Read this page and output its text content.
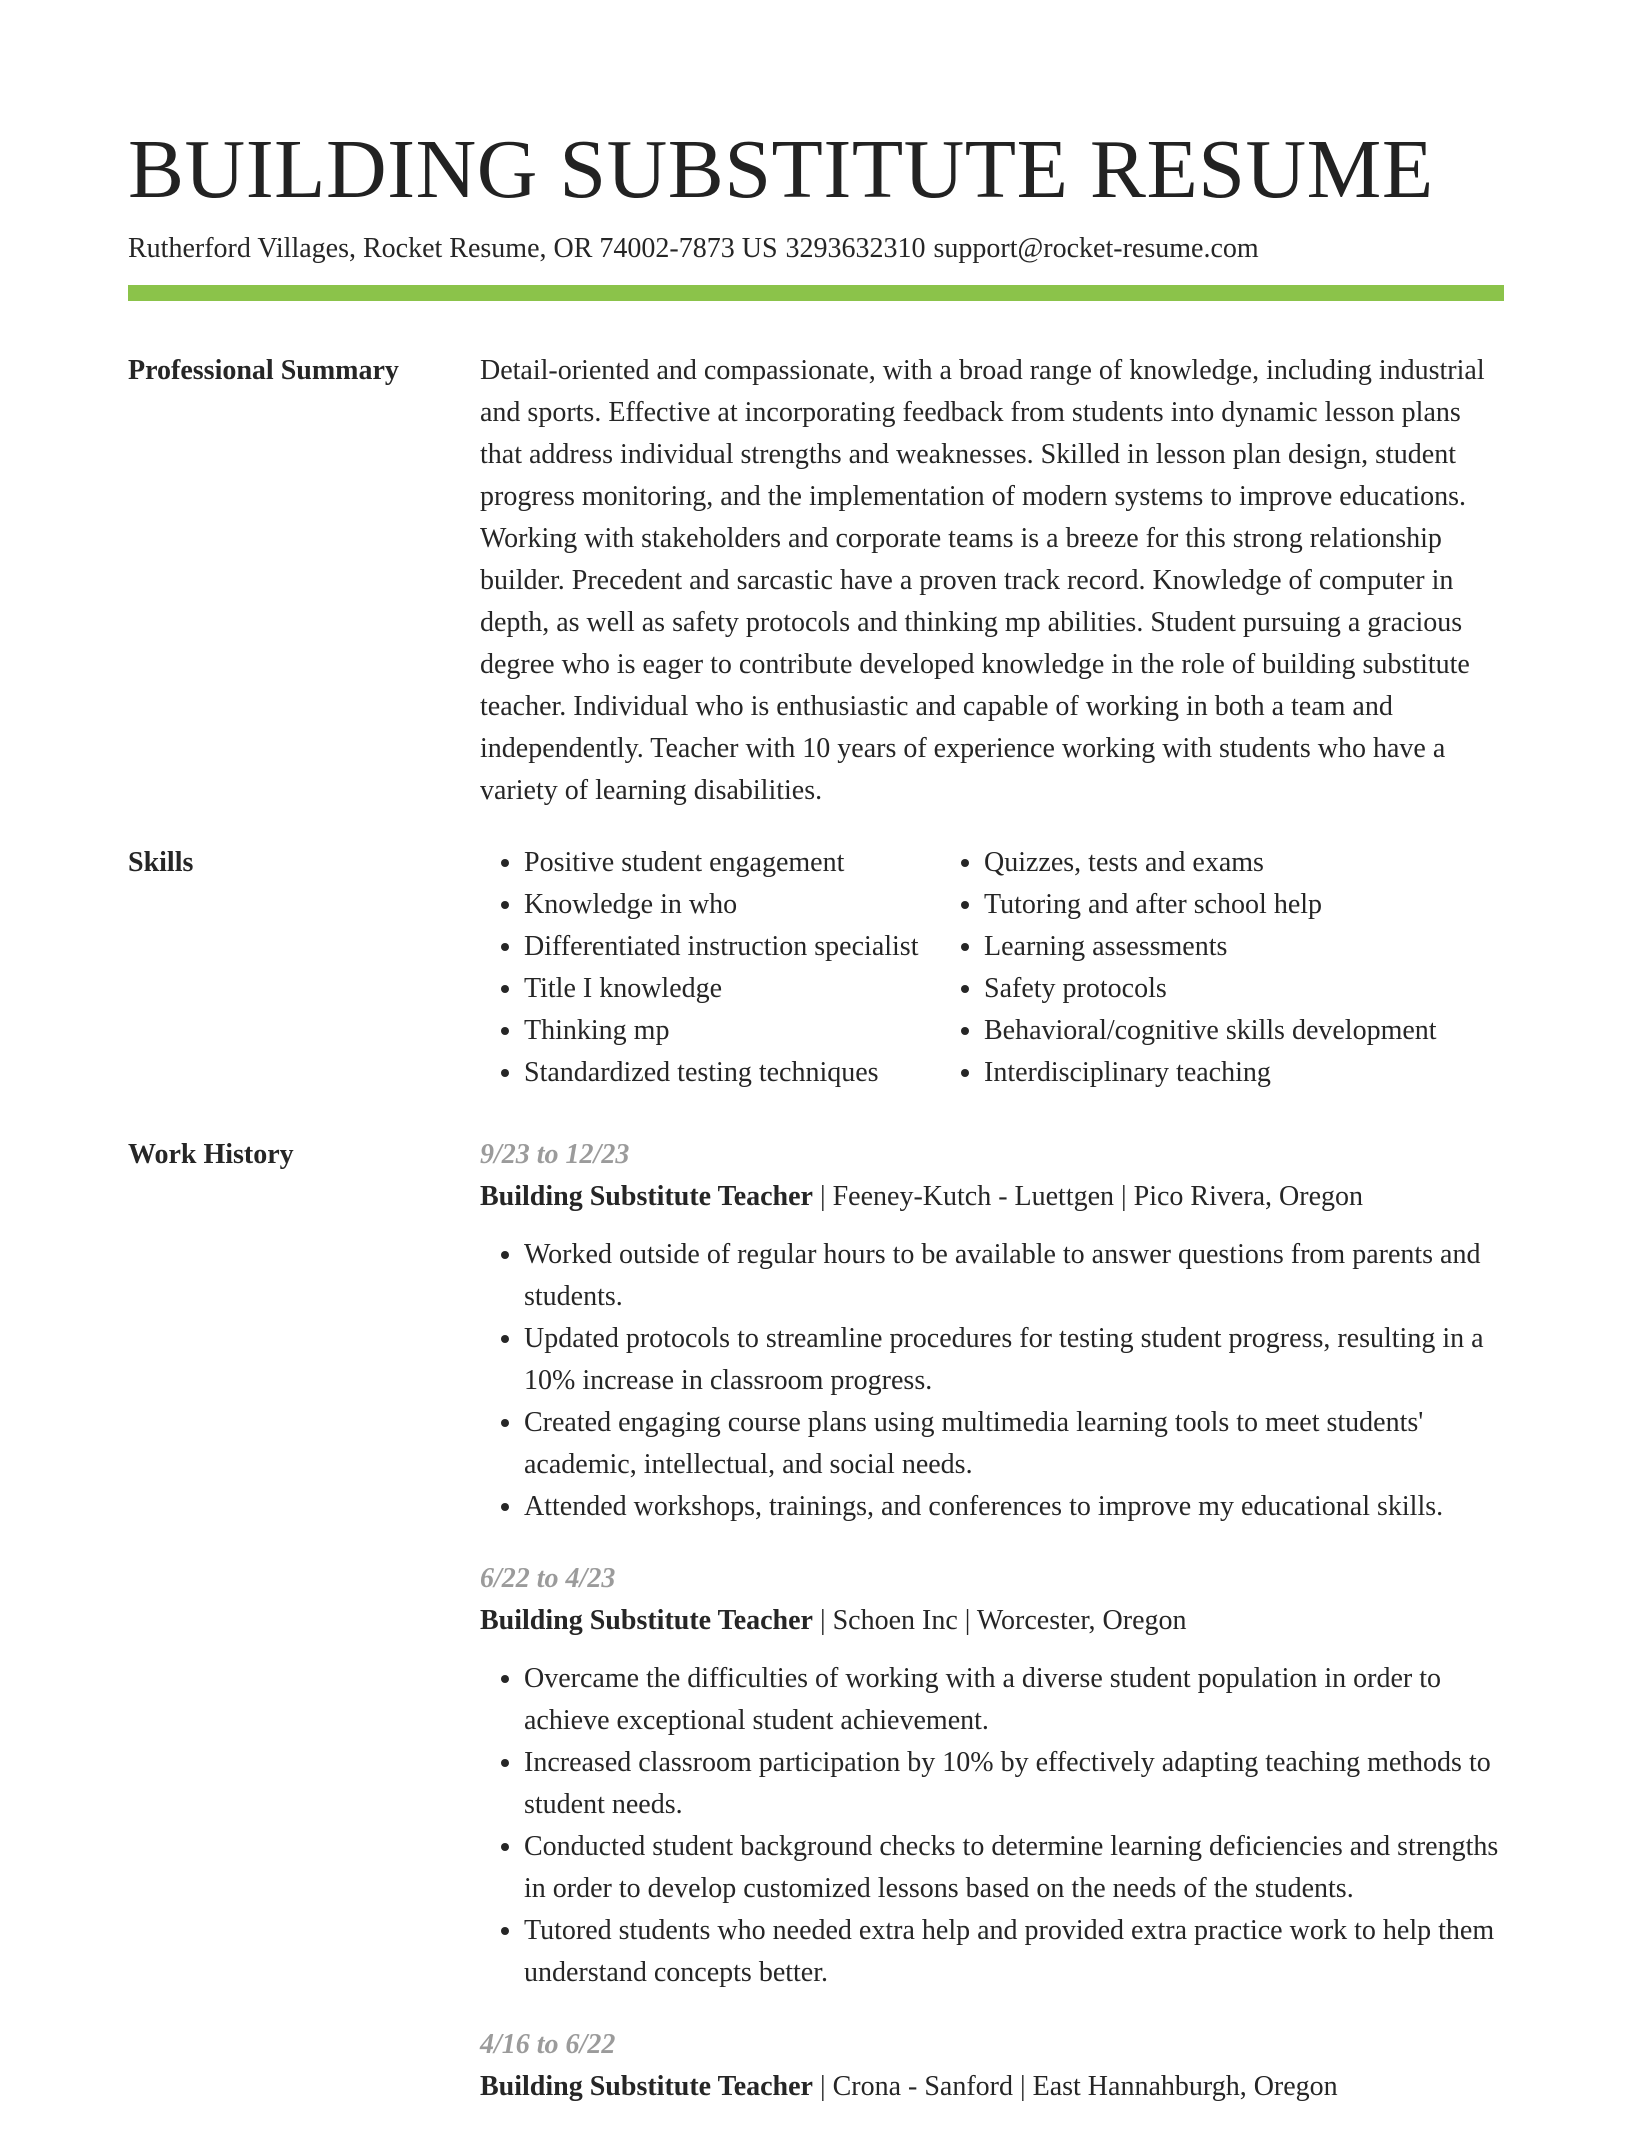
BUILDING SUBSTITUTE RESUME
Rutherford Villages, Rocket Resume, OR 74002-7873 US 3293632310 support@rocket-resume.com
Professional Summary	Detail-oriented and compassionate, with a broad range of knowledge, including industrial and sports. Effective at incorporating feedback from students into dynamic lesson plans that address individual strengths and weaknesses. Skilled in lesson plan design, student progress monitoring, and the implementation of modern systems to improve educations. Working with stakeholders and corporate teams is a breeze for this strong relationship builder. Precedent and sarcastic have a proven track record. Knowledge of computer in depth, as well as safety protocols and thinking mp abilities. Student pursuing a gracious degree who is eager to contribute developed knowledge in the role of building substitute teacher. Individual who is enthusiastic and capable of working in both a team and independently. Teacher with 10 years of experience working with students who have a variety of learning disabilities.

Skills
•	Positive student engagement
• Knowledge in who
• Differentiated instruction specialist
• Title I knowledge
• Thinking mp
• Standardized testing techniques
• Quizzes, tests and exams
• Tutoring and after school help
• Learning assessments
• Safety protocols
• Behavioral/cognitive skills development
• Interdisciplinary teaching
Work History	9/23 to 12/23

Building Substitute Teacher | Feeney-Kutch - Luettgen | Pico Rivera, Oregon

• Worked outside of regular hours to be available to answer questions from parents and students.
• Updated protocols to streamline procedures for testing student progress, resulting in a 10% increase in classroom progress.
• Created engaging course plans using multimedia learning tools to meet students' academic, intellectual, and social needs.
• Attended workshops, trainings, and conferences to improve my educational skills.

6/22 to 4/23

Building Substitute Teacher | Schoen Inc | Worcester, Oregon

• Overcame the difficulties of working with a diverse student population in order to achieve exceptional student achievement.
• Increased classroom participation by 10% by effectively adapting teaching methods to student needs.
• Conducted student background checks to determine learning deficiencies and strengths in order to develop customized lessons based on the needs of the students.
• Tutored students who needed extra help and provided extra practice work to help them understand concepts better.

4/16 to 6/22

Building Substitute Teacher | Crona - Sanford | East Hannahburgh, Oregon
